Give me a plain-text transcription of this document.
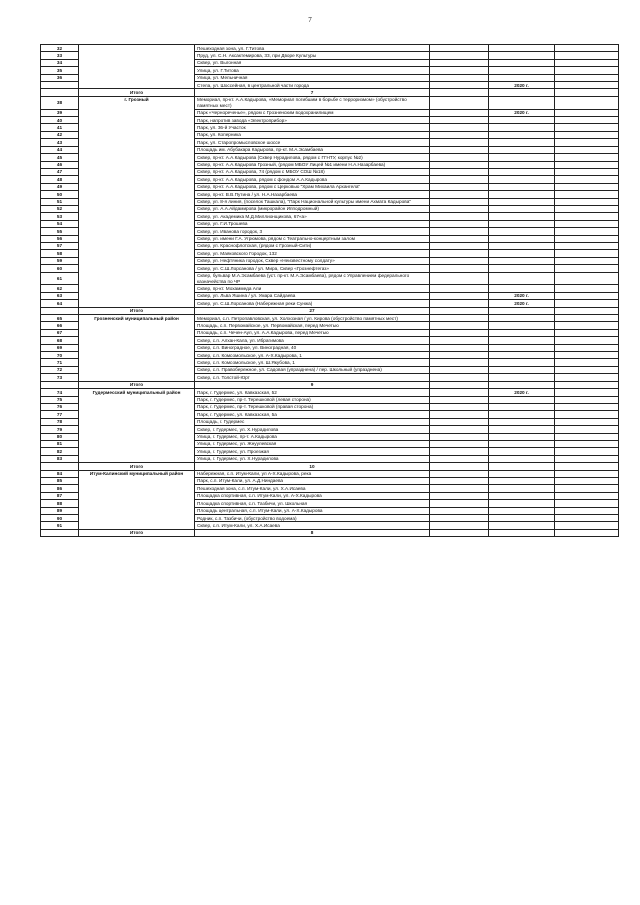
7
32		Пешеходная зона, ул. Г.Титова			
33		Пруд, ул. С.Н. Аксактемирова, 33, при Дворе Культуры			
34		Сквер, ул. Выгонная			
35		Улица, ул. Г.Титова			
36		Улица, ул. Мельничная			
		Стела, ул. Шоссейная, в центральной части города		2020 г.	
	Итого	7			
38	г. Грозный	Мемориал, пр-кт. А.А.Кадырова, «Мемориал погибшим в борьбе с терроризмом» (обустройство памятных мест)			
39		Парк «Чернореченье», рядом с Грозненским водохранилищем		2020 г.	
40		Парк, напротив завода «Электроприбор»			
41		Парк, ул. 36-й Участок			
42		Парк, ул. Коперника			
43		Парк, ул. Старопромысловское шоссе			
44		Площадь им. Абубакара Кадырова, пр-кт. М.А.Эсамбаева			
45		Сквер, пр-кт. А.А.Кадырова (Сквер Нурадилова, рядом с ГГНТУ, корпус №2)			
46		Сквер, пр-кт. А.А.Кадырова Грозный, (рядом МБОУ Лицей №1 имени Н.А.Назарбаева)			
47		Сквер, пр-кт. А.А.Кадырова, 74 (рядом с МБОУ СОШ №18)			
48		Сквер, пр-кт. А.А.Кадырова, рядом с фондом А.А.Кадырова			
49		Сквер, пр-кт. А.А.Кадырова, рядом с Церковью "Храм Михаила Архангела"			
50		Сквер, пр-кт. В.В.Путина / ул. Н.А.Назарбаева			
51		Сквер, ул. 8-я линия, (поселок Ташкала), "Парк Национальной культуры имени Ахмата Кадырова"			
52		Сквер, ул. А.А.Айдамирова (микрорайон Ипподромный)			
53		Сквер, ул. Академика М.Д.Миллионщикова, 67«а»			
54		Сквер, ул. Г.И.Трошева			
55		Сквер, ул. Иванова городок, 3			
56		Сквер, ул. имени Г.А. Угрюмова, рядом с Театрально-концертным залом			
57		Сквер, ул. Краснофлотская, (рядом с Грозный-Сити)			
58		Сквер, ул. Маяковского Городок, 132			
59		Сквер, ул. Нефтяника городок, Сквер «Неизвестному солдату»			
60		Сквер, ул. С.Ш.Лорсанова / ул. Мира, Сквер «Грознефтегаз»			
61		Сквер, бульвар М.А.Эсамбаева (уст. пр-кт. М.А.Эсамбаева), рядом с Управлением федерального казначейства по ЧР			
62		Сквер, пр-кт. Мохаммеда Али			
63		Сквер, ул. Льва Яшина / ул. Умара Сайдаева		2020 г.	
64		Сквер, ул. С.Ш.Лорсанова (Набережная реки Сунжа)		2020 г.	
	Итого	27			
65	Грозненский муниципальный район	Мемориал, с.п. Петропавловская, ул. Холхозная / ул. Кирова (обустройство памятных мест)			
66		Площадь, с.п. Первомайское, ул. Первомайская, перед Мечетью			
67		Площадь, с.п. Чечен-Аул, ул. А.А.Кадырова, перед Мечетью			
68		Сквер, с.п. Алхан-Кала, ул. Ибрагимова			
69		Сквер, с.п. Виноградное, ул. Виноградная, 40			
70		Сквер, с.п. Комсомольское, ул. А-Х.Кадырова, 1			
71		Сквер, с.п. Комсомольское, ул. Ш.Якубова, 1			
72		Сквер, с.п. Правобережное, ул. Садовая (упразднена) / пер. Школьный (упразднена)			
73		Сквер, с.п. Толстой-Юрт			
	Итого	9			
74	Гудермесский муниципальный район	Парк, г. Гудермес, ул. Кавказская, 52		2020 г.	
75		Парк, г. Гудермес, пр-т. Терешковой (левая сторона)			
76		Парк, г. Гудермес, пр-т. Терешковой (правая сторона)			
77		Парк, г. Гудермес, ул. Кавказская, 5а			
78		Площадь, г. Гудермес			
79		Сквер, г. Гудермес, ул. Х.Нурадилова			
80		Улица, г. Гудермес, пр-т. А.Кадырова			
81		Улица, г. Гудермес, ул. Жнуулевская			
82		Улица, г. Гудермес, ул. Проезжая			
83		Улица, г. Гудермес, ул. Х.Нурадилова			
	Итого	10			
84	Итум-Калинский муниципальный район	Набережная, с.п. Итум-Кали, ул А-Х.Кадырова, река			
85		Парк, с.п. Итум-Кали, ул. А.Д.Ниндаева			
86		Пешеходная зона, с.п. Итум-Кали, ул. Х.А.Исаева			
87		Площадка спортивная, с.п. Итум-Кали, ул. А-Х.Кадырова			
88		Площадка спортивная, с.п. Тазбичи, ул. Школьная			
89		Площадь центральная, с.п. Итум-Кали, ул. А-Х.Кадырова			
90		Родник, с.п. Тазбичи, (обустройство водоема)			
91		Сквер, с.п. Итум-Кали, ул. Х.А.Исаева			
	Итого	8			
